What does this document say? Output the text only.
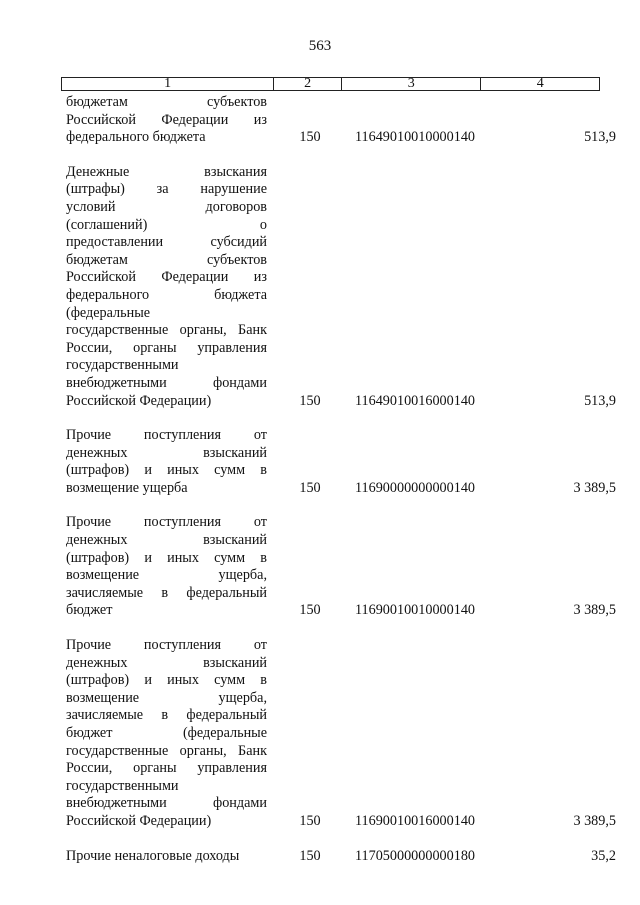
563
1	2	3	4
бюджетам субъектов
Российской Федерации из
федерального бюджета	150	11649010010000140	513,9
Денежные взыскания
(штрафы) за нарушение
условий договоров
(соглашений) о
предоставлении субсидий
бюджетам субъектов
Российской Федерации из
федерального бюджета
(федеральные
государственные органы, Банк
России, органы управления
государственными
внебюджетными фондами
Российской Федерации)	150	11649010016000140	513,9
Прочие поступления от
денежных взысканий
(штрафов) и иных сумм в
возмещение ущерба	150	11690000000000140	3 389,5
Прочие поступления от
денежных взысканий
(штрафов) и иных сумм в
возмещение ущерба,
зачисляемые в федеральный
бюджет	150	11690010010000140	3 389,5
Прочие поступления от
денежных взысканий
(штрафов) и иных сумм в
возмещение ущерба,
зачисляемые в федеральный
бюджет (федеральные
государственные органы, Банк
России, органы управления
государственными
внебюджетными фондами
Российской Федерации)	150	11690010016000140	3 389,5
Прочие неналоговые доходы	150	11705000000000180	35,2
